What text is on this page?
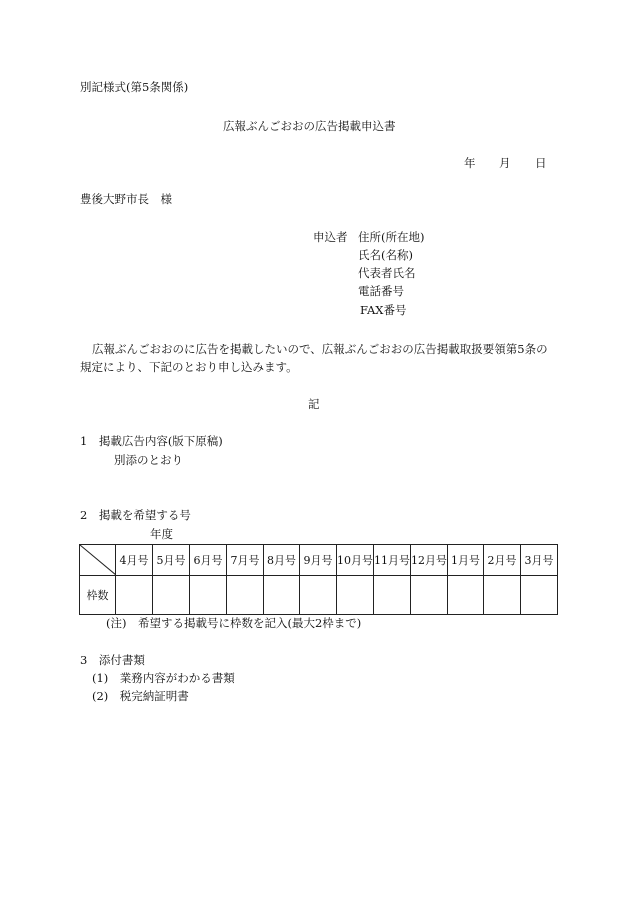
別記様式(第5条関係)
広報ぶんごおおの広告掲載申込書
年 月 日
豊後大野市長　様
申込者 住所(所在地)
氏名(名称)
代表者氏名
電話番号
FAX番号
広報ぶんごおおのに広告を掲載したいので、広報ぶんごおおの広告掲載取扱要領第5条の
規定により、下記のとおり申し込みます。
記
1　掲載広告内容(版下原稿)
別添のとおり
2　掲載を希望する号
年度
	4月号	5月号	6月号	7月号	8月号	9月号	10月号	11月号	12月号	1月号	2月号	3月号
枠数												
(注)　希望する掲載号に枠数を記入(最大2枠まで)
3　添付書類
(1)　業務内容がわかる書類
(2)　税完納証明書
